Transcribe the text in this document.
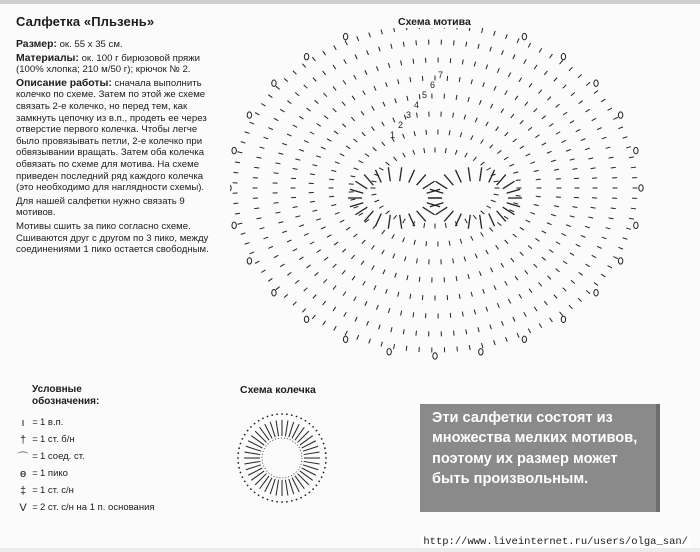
Салфетка «Пльзень»

Размер: ок. 55 х 35 см.

Материалы: ок. 100 г бирюзовой пряжи (100% хлопка; 210 м/50 г); крючок № 2.

Описание работы: сначала выполнить колечко по схеме. Затем по этой же схеме связать 2-е колечко, но перед тем, как замкнуть цепочку из в.п., продеть ее через отверстие первого колечка. Чтобы легче было провязывать петли, 2-е колечко при обвязывании вращать. Затем оба колечка обвязать по схеме для мотива. На схеме приведен последний ряд каждого колечка (это необходимо для наглядности схемы).

Для нашей салфетки нужно связать 9 мотивов.

Мотивы сшить за пико согласно схеме. Сшиваются друг с другом по 3 пико, между соединениями 1 пико остается свободным.

Условные
обозначения:
ı = 1 в.п.
† = 1 ст. б/н
⌒ = 1 соед. ст.
ɵ = 1 пико
‡ = 1 ст. с/н
V = 2 ст. с/н на 1 п. основания
Схема мотива
1
2
3
4
5
6
7
Схема колечка
Эти салфетки состоят из множества мелких мотивов, поэтому их размер может быть произвольным.
http://www.liveinternet.ru/users/olga_san/
